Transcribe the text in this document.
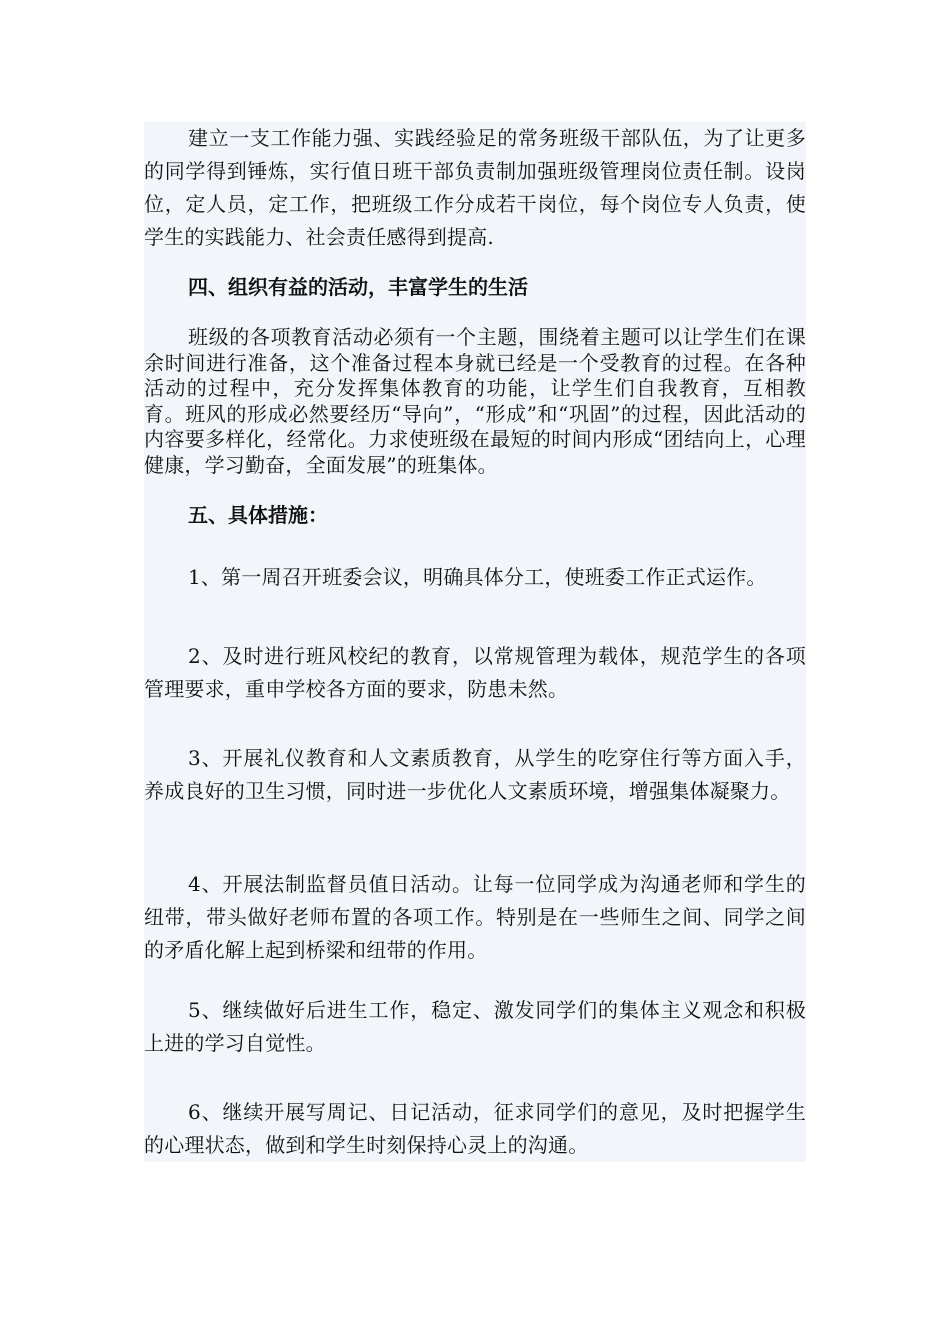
建立一支工作能力强、实践经验足的常务班级干部队伍，为了让更多的同学得到锤炼，实行值日班干部负责制加强班级管理岗位责任制。设岗位，定人员，定工作，把班级工作分成若干岗位，每个岗位专人负责，使学生的实践能力、社会责任感得到提高.

四、组织有益的活动，丰富学生的生活

班级的各项教育活动必须有一个主题，围绕着主题可以让学生们在课余时间进行准备，这个准备过程本身就已经是一个受教育的过程。在各种活动的过程中，充分发挥集体教育的功能，让学生们自我教育，互相教育。班风的形成必然要经历“导向”，“形成”和“巩固”的过程，因此活动的内容要多样化，经常化。力求使班级在最短的时间内形成“团结向上，心理健康，学习勤奋，全面发展”的班集体。

五、具体措施：

1、第一周召开班委会议，明确具体分工，使班委工作正式运作。

2、及时进行班风校纪的教育，以常规管理为载体，规范学生的各项管理要求，重申学校各方面的要求，防患未然。

3、开展礼仪教育和人文素质教育，从学生的吃穿住行等方面入手，养成良好的卫生习惯，同时进一步优化人文素质环境，增强集体凝聚力。

4、开展法制监督员值日活动。让每一位同学成为沟通老师和学生的纽带，带头做好老师布置的各项工作。特别是在一些师生之间、同学之间的矛盾化解上起到桥梁和纽带的作用。

5、继续做好后进生工作，稳定、激发同学们的集体主义观念和积极上进的学习自觉性。

6、继续开展写周记、日记活动，征求同学们的意见，及时把握学生的心理状态，做到和学生时刻保持心灵上的沟通。
